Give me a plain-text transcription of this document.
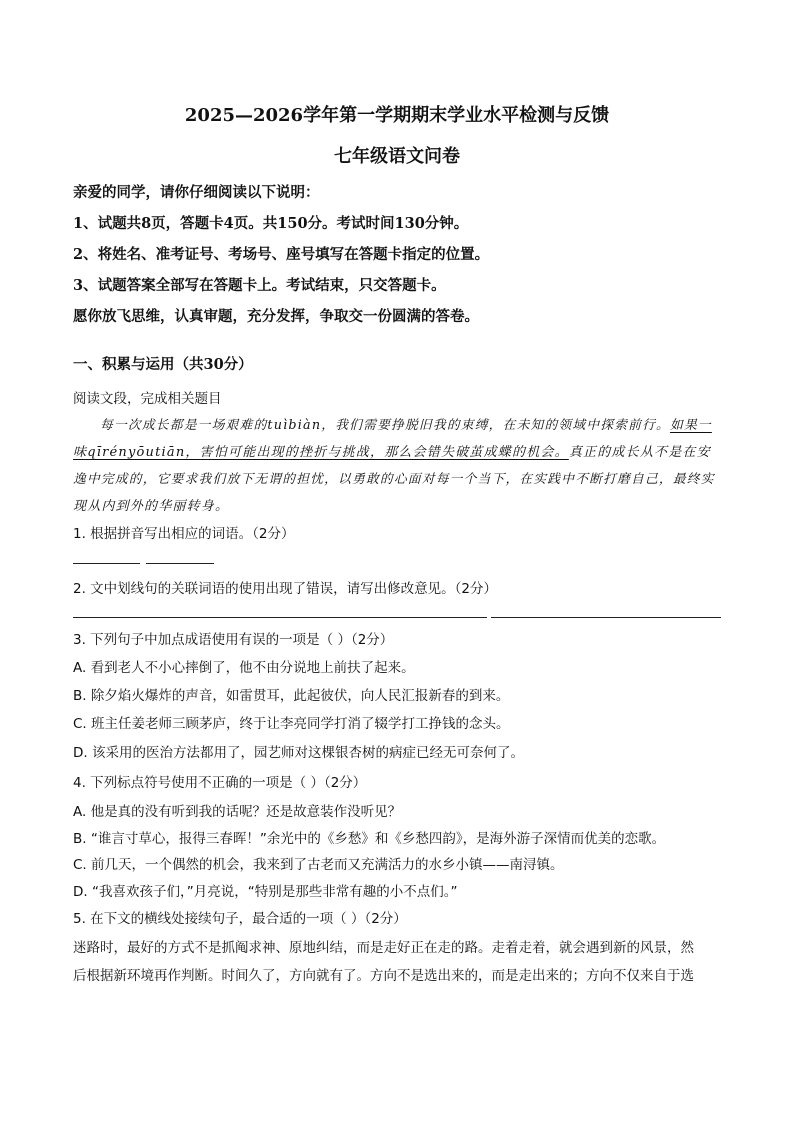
2025—2026学年第一学期期末学业水平检测与反馈
七年级语文问卷
亲爱的同学，请你仔细阅读以下说明：
1、试题共8页，答题卡4页。共150分。考试时间130分钟。
2、将姓名、准考证号、考场号、座号填写在答题卡指定的位置。
3、试题答案全部写在答题卡上。考试结束，只交答题卡。
愿你放飞思维，认真审题，充分发挥，争取交一份圆满的答卷。
一、积累与运用（共30分）
阅读文段，完成相关题目
每一次成长都是一场艰难的tuìbiàn，我们需要挣脱旧我的束缚，在未知的领域中探索前行。如果一
味qīrényōutiān，害怕可能出现的挫折与挑战，那么会错失破茧成蝶的机会。真正的成长从不是在安
逸中完成的，它要求我们放下无谓的担忧，以勇敢的心面对每一个当下，在实践中不断打磨自己，最终实
现从内到外的华丽转身。
1. 根据拼音写出相应的词语。（2分）
2. 文中划线句的关联词语的使用出现了错误，请写出修改意见。（2分）
3. 下列句子中加点成语使用有误的一项是（ ）（2分）
A. 看到老人不小心摔倒了，他不由分说地上前扶了起来。
B. 除夕焰火爆炸的声音，如雷贯耳，此起彼伏，向人民汇报新春的到来。
C. 班主任姜老师三顾茅庐，终于让李亮同学打消了辍学打工挣钱的念头。
D. 该采用的医治方法都用了，园艺师对这棵银杏树的病症已经无可奈何了。
4. 下列标点符号使用不正确的一项是（ ）（2分）
A. 他是真的没有听到我的话呢？还是故意装作没听见？
B. “谁言寸草心，报得三春晖！”余光中的《乡愁》和《乡愁四韵》，是海外游子深情而优美的恋歌。
C. 前几天，一个偶然的机会，我来到了古老而又充满活力的水乡小镇——南浔镇。
D. “我喜欢孩子们，”月亮说，“特别是那些非常有趣的小不点们。”
5. 在下文的横线处接续句子，最合适的一项（ ）（2分）
迷路时，最好的方式不是抓阄求神、原地纠结，而是走好正在走的路。走着走着，就会遇到新的风景，然
后根据新环境再作判断。时间久了，方向就有了。方向不是选出来的，而是走出来的；方向不仅来自于选
